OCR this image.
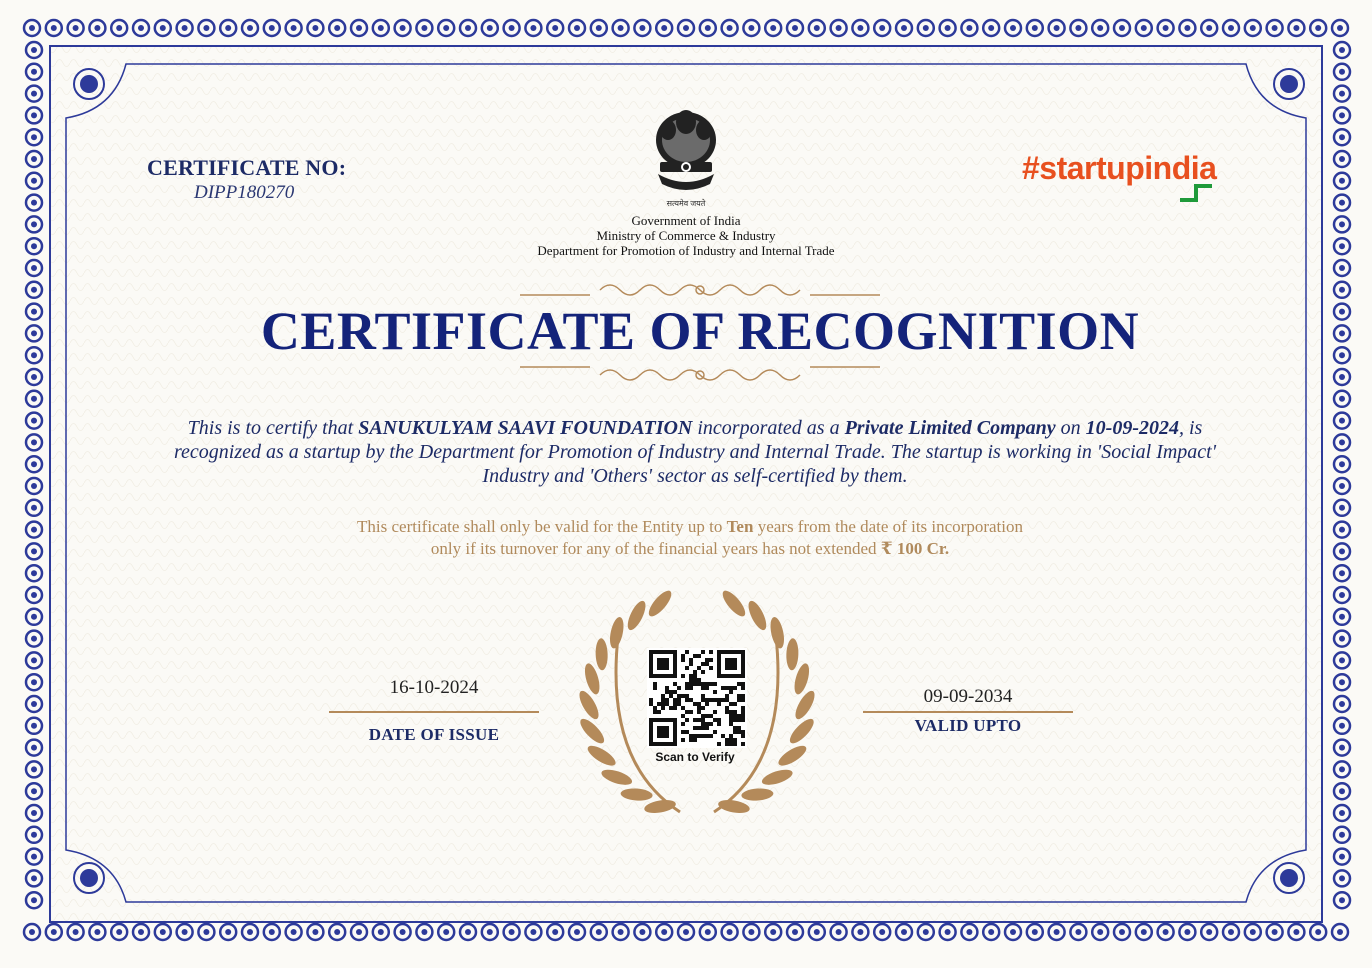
सत्यमेव जयते
Government of India
Ministry of Commerce & Industry
Department for Promotion of Industry and Internal Trade
CERTIFICATE NO:
DIPP180270
#startupindia
CERTIFICATE OF RECOGNITION
This is to certify that SANUKULYAM SAAVI FOUNDATION incorporated as a Private Limited Company on 10-09-2024, is recognized as a startup by the Department for Promotion of Industry and Internal Trade. The startup is working in 'Social Impact' Industry and 'Others' sector as self-certified by them.
This certificate shall only be valid for the Entity up to Ten years from the date of its incorporation
only if its turnover for any of the financial years has not extended ₹ 100 Cr.
16-10-2024
DATE OF ISSUE
09-09-2034
VALID UPTO
Scan to Verify
